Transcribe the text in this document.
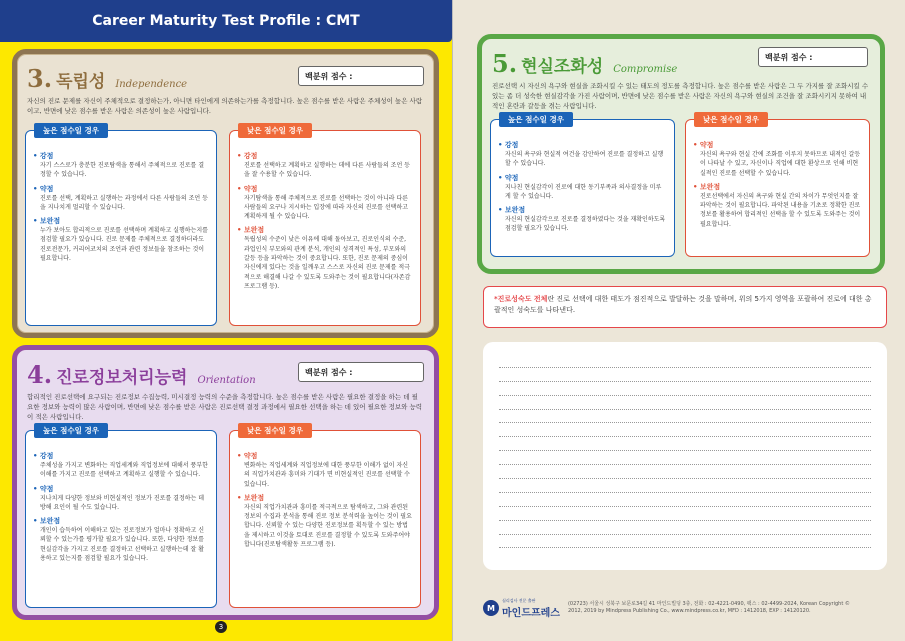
Career Maturity Test Profile : CMT
3. 독립성 Independence
백분위 점수 :
자신의 진로 문제를 자신이 주체적으로 결정하는가, 아니면 타인에게 의존하는가를 측정합니다. 높은 점수를 받은 사람은 주체성이 높은 사람이고, 반면에 낮은 점수를 받은 사람은 의존성이 높은 사람입니다.
높은 점수일 경우
• 강점
자기 스스로가 충분한 진로탐색을 통해서 주체적으로 진로를 결정할 수 있습니다.
• 약점
진로를 선택, 계획하고 실행하는 과정에서 다른 사람들의 조언 등을 지나치게 멀리할 수 있습니다.
• 보완점
누가 보아도 합리적으로 진로를 선택하며 계획하고 실행하는지를 점검할 필요가 있습니다. 진로 문제를 주체적으로 결정하더라도 진로전문가, 커리어코치의 조언과 관련 정보들을 참조하는 것이 필요합니다.
낮은 점수일 경우
• 강점
진로를 선택하고 계획하고 실행하는 데에 다른 사람들의 조언 등을 잘 수용할 수 있습니다.
• 약점
자기탐색을 통해 주체적으로 진로를 선택하는 것이 아니라 다른 사람들의 요구나 지시하는 입장에 따라 자신의 진로를 선택하고 계획하게 될 수 있습니다.
• 보완점
독립성의 수준이 낮은 이유에 대해 돌아보고, 진로인식의 수준, 과업인식 부모와의 관계 분석, 개인의 성격적인 특성, 부모와의 갈등 등을 파악하는 것이 중요합니다. 또한, 진로 문제의 중심이 자신에게 있다는 것을 일깨우고 스스로 자신의 진로 문제를 적극적으로 해결해 나갈 수 있도록 도와주는 것이 필요합니다(자존감 프로그램 등).
4. 진로정보처리능력 Orientation
백분위 점수 :
합리적인 진로선택에 요구되는 진로정보 수집능력, 미시결정 능력의 수준을 측정합니다. 높은 점수를 받은 사람은 필요한 결정을 하는 데 필요한 정보와 능력이 많은 사람이며, 반면에 낮은 점수를 받은 사람은 진로선택 결정 과정에서 필요한 선택을 하는 데 있어 필요한 정보와 능력이 적은 사람입니다.
높은 점수일 경우
• 강점
주체성을 가지고 변화하는 직업세계와 직업정보에 대해서 풍부한 이해를 가지고 진로를 선택하고 계획하고 실행할 수 있습니다.
• 약점
지나치게 다양한 정보와 비현실적인 정보가 진로를 결정하는 데 방해 요인이 될 수도 있습니다.
• 보완점
개인이 습득하여 이해하고 있는 진로정보가 얼마나 정확하고 신뢰할 수 있는가를 평가할 필요가 있습니다. 또한, 다양한 정보를 현실감각을 가지고 진로를 결정하고 선택하고 실행하는데 잘 활용하고 있는지를 점검할 필요가 있습니다.
낮은 점수일 경우
• 약점
변화하는 직업세계와 직업정보에 대한 풍부한 이해가 없이 자신의 직업가치관과 흥미와 기대가 면 비현실적인 진로를 선택할 수 있습니다.
• 보완점
자신의 직업가치관과 흥미를 적극적으로 탐색하고, 그와 관련된 정보의 수집과 분석을 통해 진로 정보 분석력을 높이는 것이 필요합니다. 신뢰할 수 있는 다양한 진로정보를 획득할 수 있는 방법을 제시하고 이것을 토대로 진로를 결정할 수 있도록 도와주어야 합니다(진로탐색활동 프로그램 등).
3
5. 현실조화성 Compromise
백분위 점수 :
진로선택 시 자신의 욕구와 현실을 조화시킬 수 있는 태도의 정도를 측정합니다. 높은 점수를 받은 사람은 그 두 가지를 잘 조화시킬 수 있는 좀 더 성숙한 현실감각을 가진 사람이며, 반면에 낮은 점수를 받은 사람은 자신의 욕구와 현실의 조건을 잘 조화시키지 못하여 내적인 혼란과 갈등을 겪는 사람입니다.
높은 점수일 경우
• 강점
자신의 욕구와 현실적 여건을 감안하여 진로를 결정하고 실행할 수 있습니다.
• 약점
지나친 현실감각이 진로에 대한 동기부족과 의사결정을 미루게 할 수 있습니다.
• 보완점
자신의 현실감각으로 진로를 결정하였다는 것을 재확인하도록 점검할 필요가 있습니다.
낮은 점수일 경우
• 약점
자신의 욕구와 현실 간에 조화를 이루지 못하므로 내적인 갈등이 나타날 수 있고, 자신이나 직업에 대한 환상으로 인해 비현실적인 진로를 선택할 수 있습니다.
• 보완점
진로선택에서 자신의 욕구와 현실 간의 차이가 무엇인지를 잘 파악하는 것이 필요합니다. 파악된 내용을 기초로 정확한 진로정보를 활용하여 합리적인 선택을 할 수 있도록 도와주는 것이 필요합니다.
*진로성숙도 전체란 진로 선택에 대한 태도가 점진적으로 발달하는 것을 말하며, 위의 5가지 영역을 포괄하여 진로에 대한 총괄적인 성숙도를 나타낸다.
M
심리검사 전문 출판
마인드프레스
(02723) 서울시 성북구 보문로34길 41 마인드빌딩 3층, 전화 : 02-4221-0490, 팩스 : 02-4499-2024, Korean Copyright ©
2012, 2019 by Mindpress Publishing Co., www.mindpress.co.kr, MFD : 1412018, EXP : 14120120.
